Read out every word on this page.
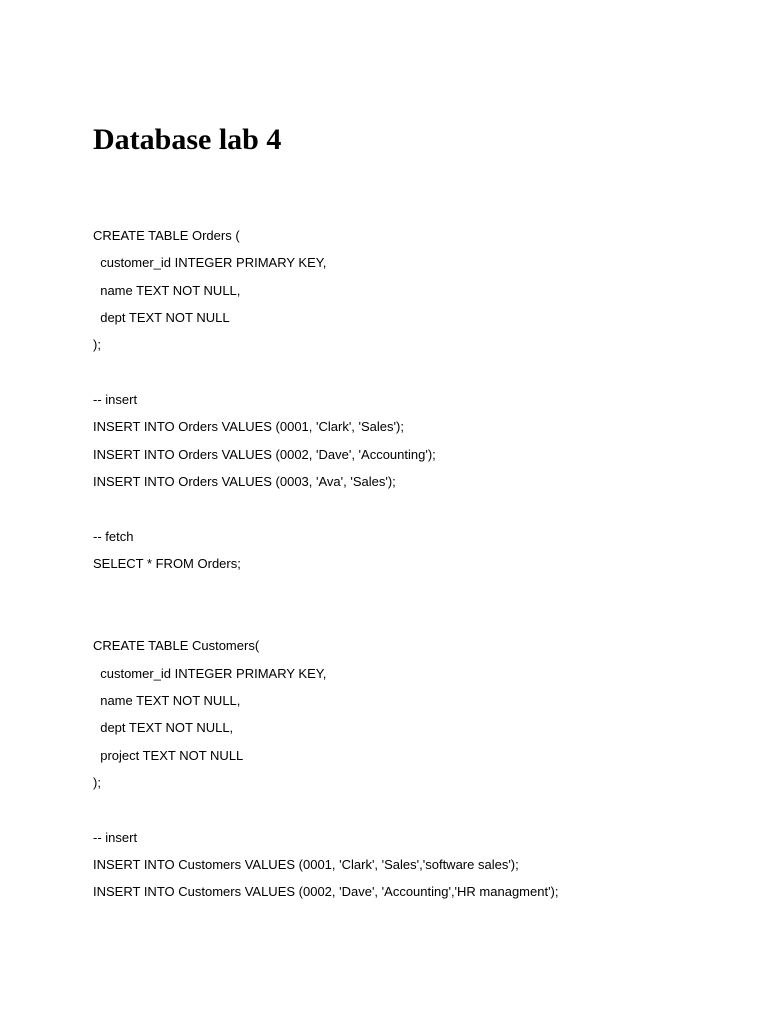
Database lab 4
CREATE TABLE Orders (
customer_id INTEGER PRIMARY KEY,
name TEXT NOT NULL,
dept TEXT NOT NULL
);
-- insert
INSERT INTO Orders VALUES (0001, 'Clark', 'Sales');
INSERT INTO Orders VALUES (0002, 'Dave', 'Accounting');
INSERT INTO Orders VALUES (0003, 'Ava', 'Sales');
-- fetch
SELECT * FROM Orders;
CREATE TABLE Customers(
customer_id INTEGER PRIMARY KEY,
name TEXT NOT NULL,
dept TEXT NOT NULL,
project TEXT NOT NULL
);
-- insert
INSERT INTO Customers VALUES (0001, 'Clark', 'Sales','software sales');
INSERT INTO Customers VALUES (0002, 'Dave', 'Accounting','HR managment');
